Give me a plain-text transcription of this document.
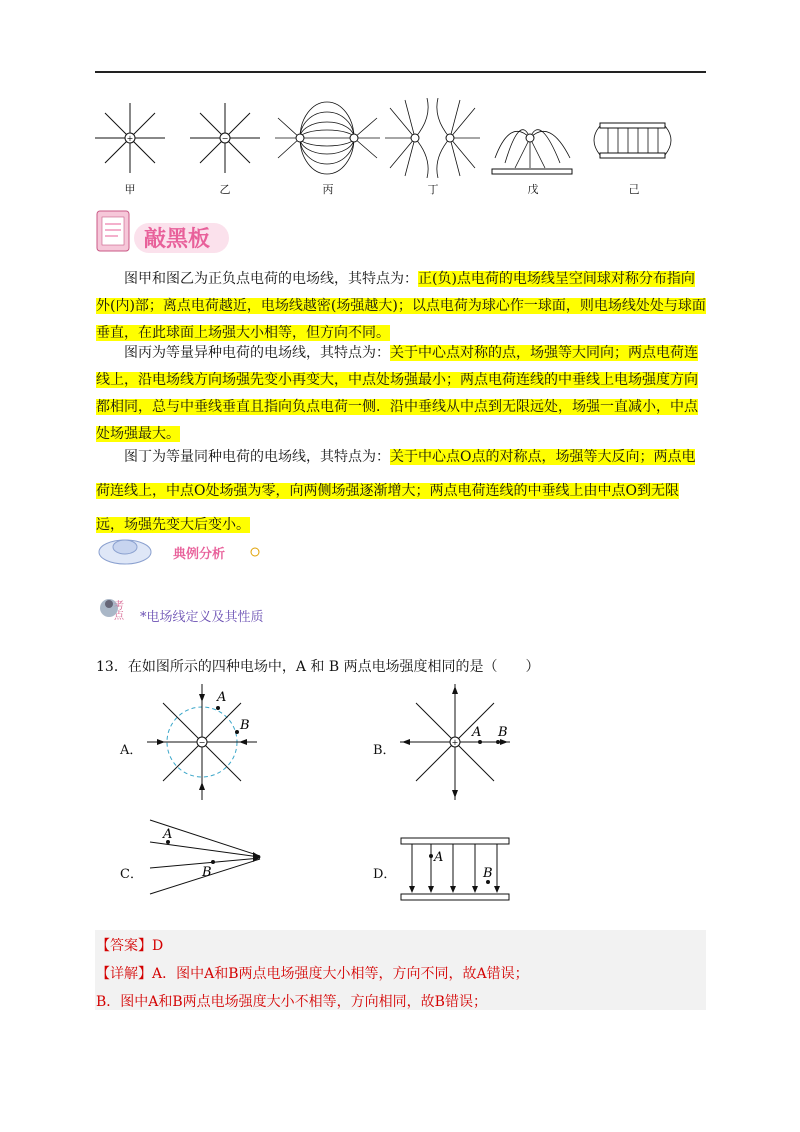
+	−
甲	乙	丙	丁	戊	己
敲黑板

图甲和图乙为正负点电荷的电场线，其特点为：正(负)点电荷的电场线呈空间球对称分布指向外(内)部；离点电荷越近，电场线越密(场强越大)；以点电荷为球心作一球面，则电场线处处与球面垂直，在此球面上场强大小相等，但方向不同。

图丙为等量异种电荷的电场线，其特点为：关于中心点对称的点，场强等大同向；两点电荷连线上，沿电场线方向场强先变小再变大，中点处场强最小；两点电荷连线的中垂线上电场强度方向都相同，总与中垂线垂直且指向负点电荷一侧．沿中垂线从中点到无限远处，场强一直减小，中点处场强最大。

图丁为等量同种电荷的电场线，其特点为：关于中心点O点的对称点，场强等大反向；两点电荷连线上，中点O处场强为零，向两侧场强逐渐增大；两点电荷连线的中垂线上由中点O到无限远，场强先变大后变小。

典例分析
考点 *电场线定义及其性质
13．在如图所示的四种电场中，A 和 B 两点电场强度相同的是（　　）
A．
−
A
B
B．
+
A B
C．
A
B	D．
A
B
【答案】D
【详解】A．图中A和B两点电场强度大小相等，方向不同，故A错误；
B．图中A和B两点电场强度大小不相等，方向相同，故B错误；
